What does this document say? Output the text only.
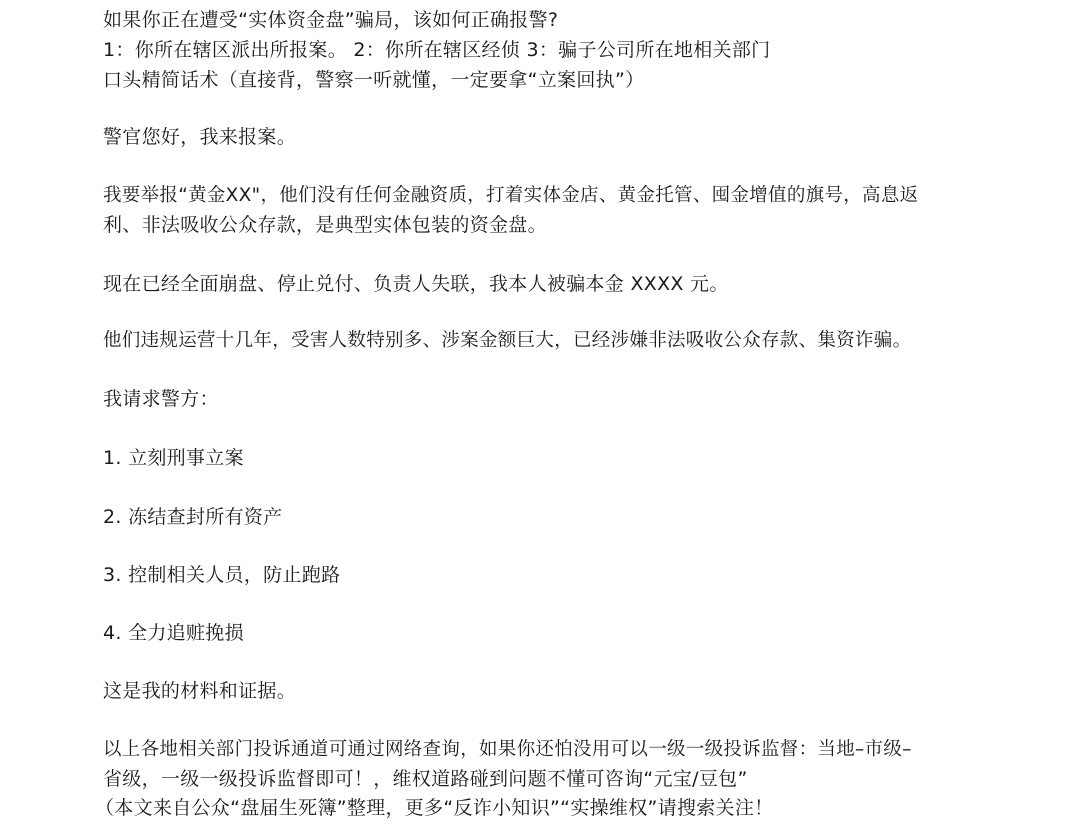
如果你正在遭受“实体资金盘”骗局，该如何正确报警?
1：你所在辖区派出所报案。 2：你所在辖区经侦 3：骗子公司所在地相关部门
口头精简话术（直接背，警察一听就懂，一定要拿“立案回执”）
警官您好，我来报案。
我要举报“黄金XX"，他们没有任何金融资质，打着实体金店、黄金托管、囤金增值的旗号，高息返
利、非法吸收公众存款，是典型实体包装的资金盘。
现在已经全面崩盘、停止兑付、负责人失联，我本人被骗本金 XXXX 元。
他们违规运营十几年，受害人数特别多、涉案金额巨大，已经涉嫌非法吸收公众存款、集资诈骗。
我请求警方：
1. 立刻刑事立案
2. 冻结查封所有资产
3. 控制相关人员，防止跑路
4. 全力追赃挽损
这是我的材料和证据。
以上各地相关部门投诉通道可通过网络查询，如果你还怕没用可以一级一级投诉监督：当地–市级–
省级，一级一级投诉监督即可！，维权道路碰到问题不懂可咨询“元宝/豆包”
（本文来自公众“盘届生死簿”整理，更多“反诈小知识”“实操维权”请搜索关注！
